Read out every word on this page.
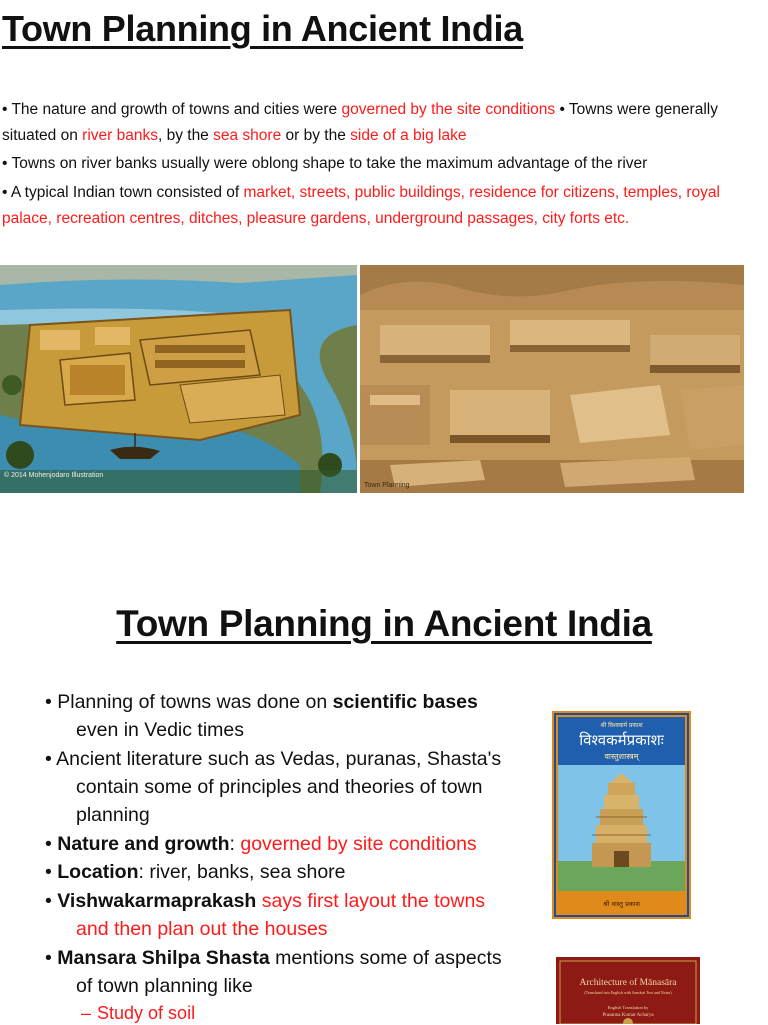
Town Planning in Ancient India

• The nature and growth of towns and cities were governed by the site conditions • Towns were generally situated on river banks, by the sea shore or by the side of a big lake

• Towns on river banks usually were oblong shape to take the maximum advantage of the river

• A typical Indian town consisted of market, streets, public buildings, residence for citizens, temples, royal palace, recreation centres, ditches, pleasure gardens, underground passages, city forts etc.

© 2014 Mohenjodaro Illustration
Town Planning
Town Planning in Ancient India

• Planning of towns was done on scientific bases
even in Vedic times

• Ancient literature such as Vedas, puranas, Shasta's
contain some of principles and theories of town
planning

• Nature and growth: governed by site conditions

• Location: river, banks, sea shore

• Vishwakarmaprakash says first layout the towns
and then plan out the houses

• Mansara Shilpa Shasta mentions some of aspects
of town planning like

– Study of soil

श्री विश्वकर्म प्रकाश
विश्वकर्मप्रकाशः
वास्तुशास्त्रम्
श्री वास्तु प्रकाश
Architecture of Mānasāra
(Translated into English with Sanskrit Text and Notes)
English Translation by
Prasanna Kumar Acharya
